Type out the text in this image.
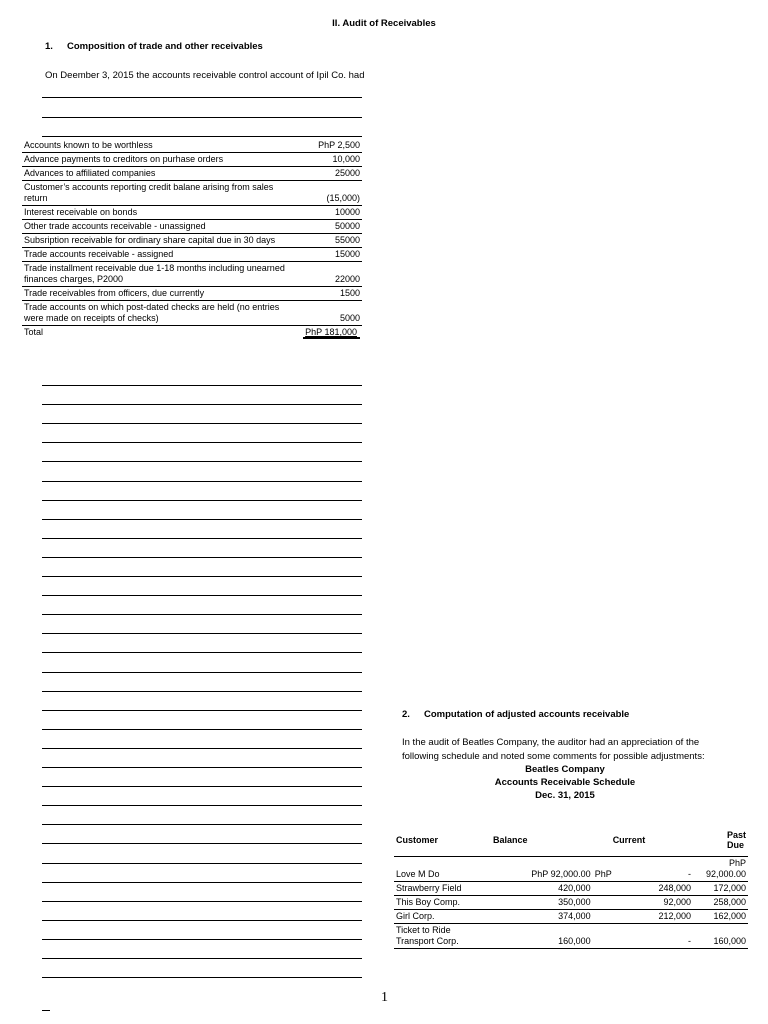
II. Audit of Receivables
1. Composition of trade and other receivables
On Deember 3, 2015 the accounts receivable control account of Ipil Co. had
Accounts known to be worthless	PhP 2,500
Advance payments to creditors on purhase orders	10,000
Advances to affiliated companies	25000
Customer’s accounts reporting credit balane arising from sales return	(15,000)
Interest receivable on bonds	10000
Other trade accounts receivable - unassigned	50000
Subsription receivable for ordinary share capital due in 30 days	55000
Trade accounts receivable - assigned	15000
Trade installment receivable due 1-18 months including unearned finances charges, P2000	22000
Trade receivables from officers, due currently	1500
Trade accounts on which post-dated checks are held (no entries were made on receipts of checks)	5000
Total	PhP 181,000
2. Computation of adjusted accounts receivable
In the audit of Beatles Company, the auditor had an appreciation of the following schedule and noted some comments for possible adjustments:
Beatles Company
Accounts Receivable Schedule
Dec. 31, 2015
Customer	Balance	Current	Past Due
Love M Do	PhP 92,000.00	PhP -	PhP 92,000.00
Strawberry Field	420,000	248,000	172,000
This Boy Comp.	350,000	92,000	258,000
Girl Corp.	374,000	212,000	162,000
Ticket to Ride Transport Corp.	160,000	-	160,000
1
